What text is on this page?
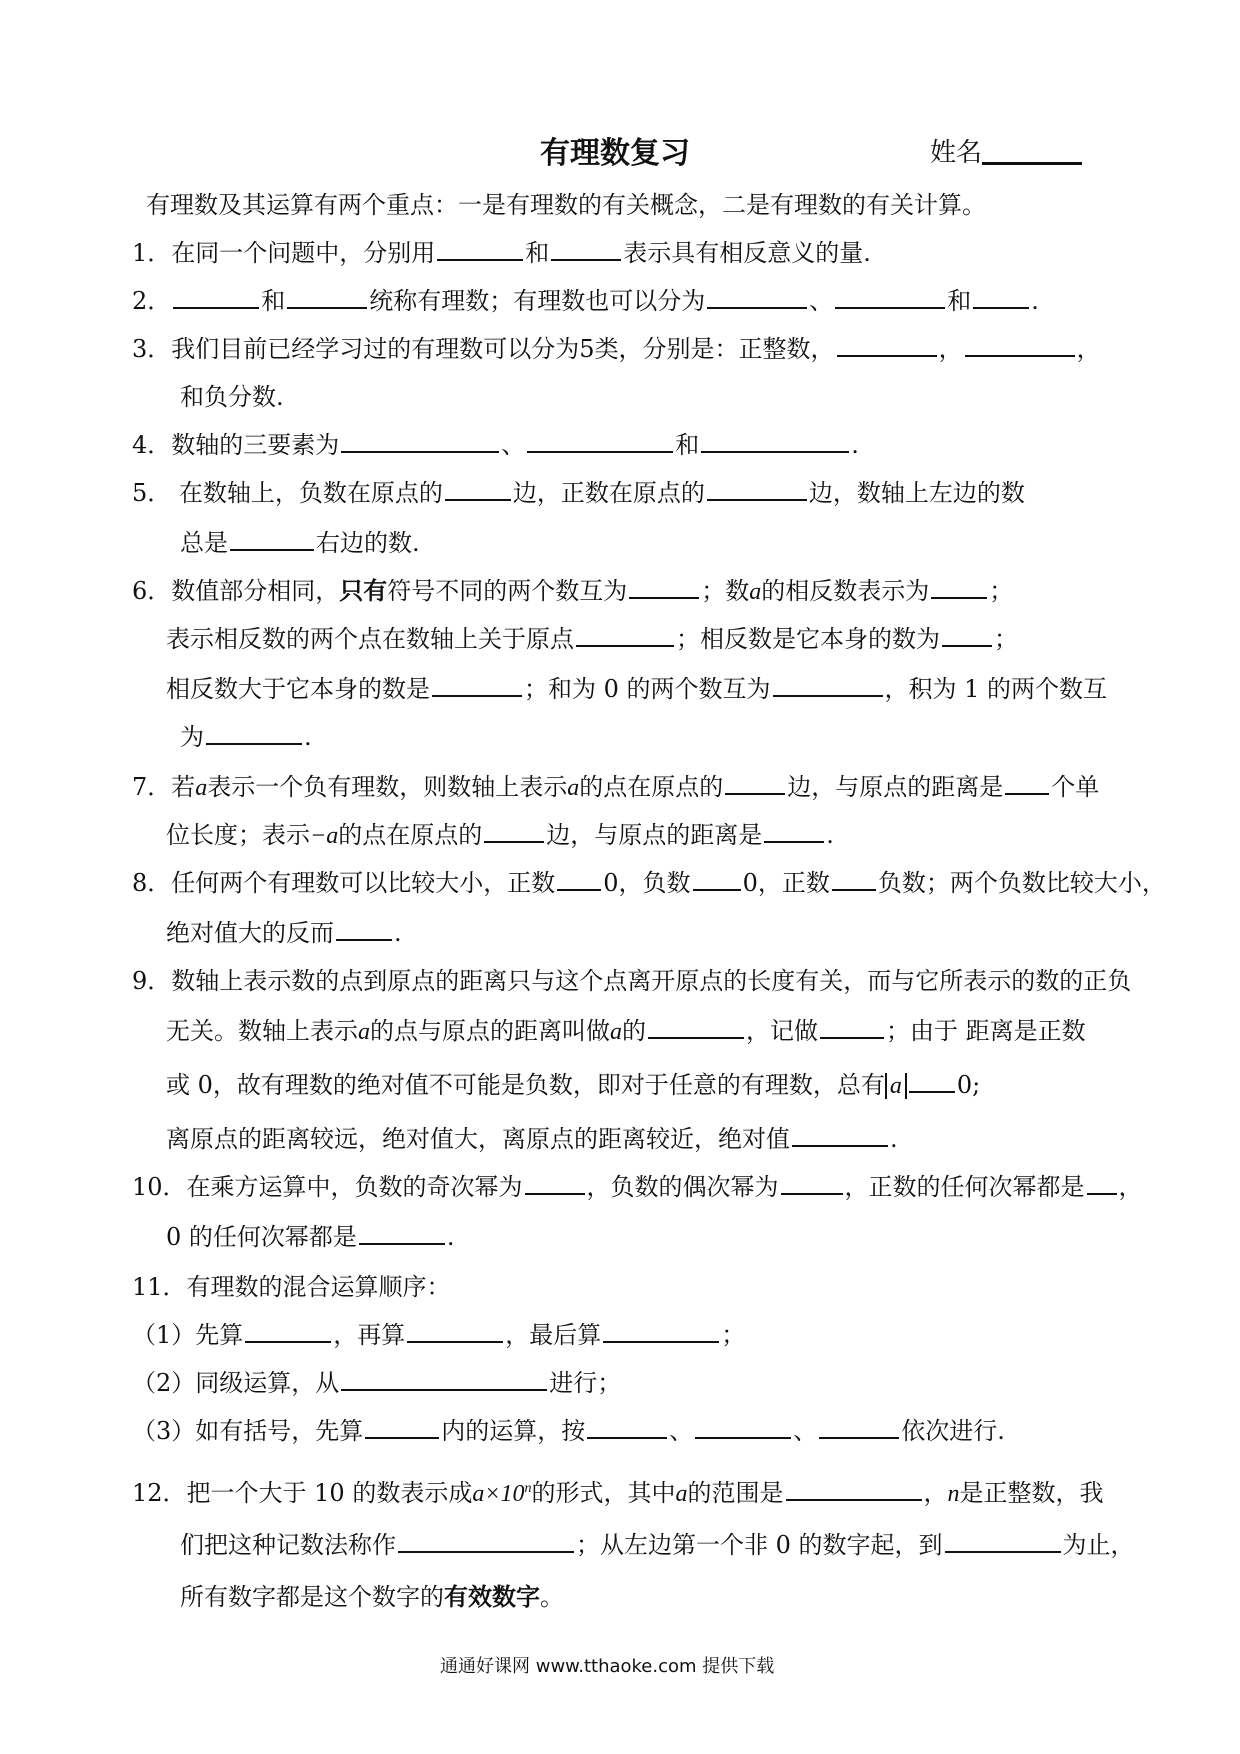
有理数复习	姓名
有理数及其运算有两个重点：一是有理数的有关概念，二是有理数的有关计算。
1．在同一个问题中，分别用	和	表示具有相反意义的量.
2．	和	统称有理数；有理数也可以分为	、	和	.
3．我们目前已经学习过的有理数可以分为5类，分别是：正整数，	，	，
和负分数.
4．数轴的三要素为	、	和	.
5． 在数轴上，负数在原点的	边，正数在原点的	边，数轴上左边的数
总是	右边的数.
6．数值部分相同，只有符号不同的两个数互为	；数a的相反数表示为	；
表示相反数的两个点在数轴上关于原点	；相反数是它本身的数为 ；
相反数大于它本身的数是	；和为 0 的两个数互为	，积为 1 的两个数互
为	.
7．若a表示一个负有理数，则数轴上表示a的点在原点的	边，与原点的距离是 个单
位长度；表示−a的点在原点的	边，与原点的距离是	.
8．任何两个有理数可以比较大小，正数 0，负数 0，正数 负数；两个负数比较大小，
绝对值大的反而	.
9．数轴上表示数的点到原点的距离只与这个点离开原点的长度有关，而与它所表示的数的正负
无关。数轴上表示a的点与原点的距离叫做a的	，记做	；由于 距离是正数
或 0，故有理数的绝对值不可能是负数，即对于任意的有理数，总有 a 0;
离原点的距离较远，绝对值大，离原点的距离较近，绝对值	.
10．在乘方运算中，负数的奇次幂为	，负数的偶次幂为	，正数的任何次幂都是 ，
0 的任何次幂都是	.
11．有理数的混合运算顺序：
（1）先算	，再算	，最后算	；
（2）同级运算，从	进行；
（3）如有括号，先算	内的运算，按	、	、	依次进行.
12．把一个大于 10 的数表示成$a\times 10^n$的形式，其中a的范围是	，n是正整数，我
们把这种记数法称作	；从左边第一个非 0 的数字起，到	为止，
所有数字都是这个数字的有效数字。
通通好课网 www.tthaoke.com 提供下载
